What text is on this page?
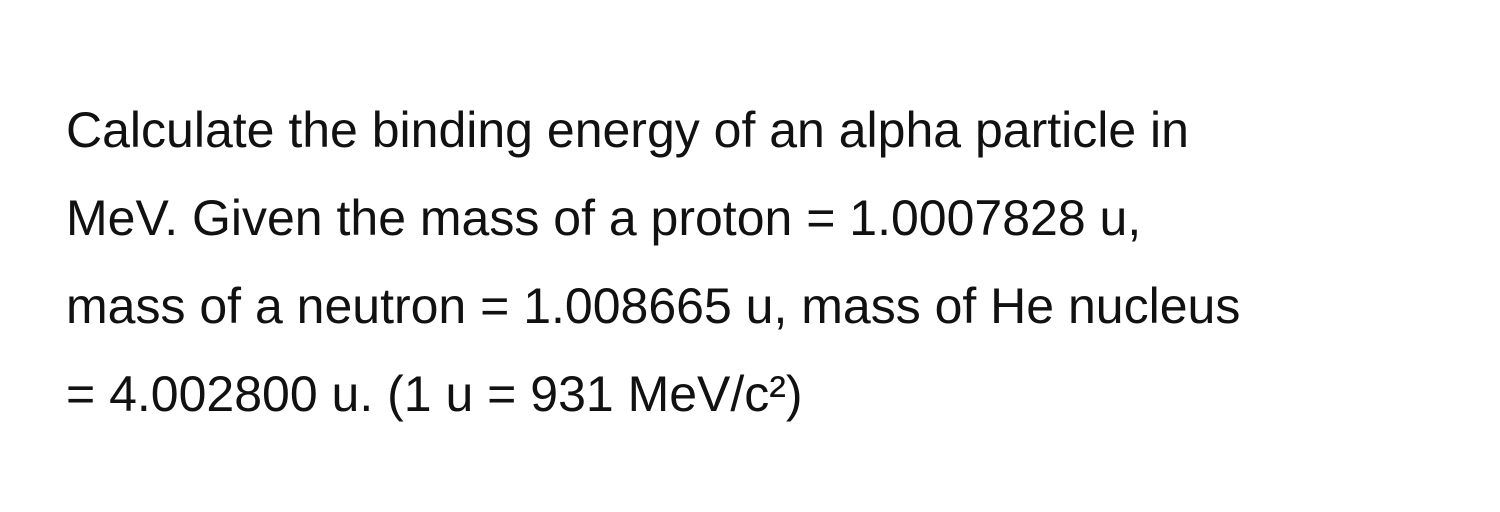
Calculate the binding energy of an alpha particle in
MeV. Given the mass of a proton = 1.0007828 u,
mass of a neutron = 1.008665 u, mass of He nucleus
= 4.002800 u. (1 u = 931 MeV/c²)
